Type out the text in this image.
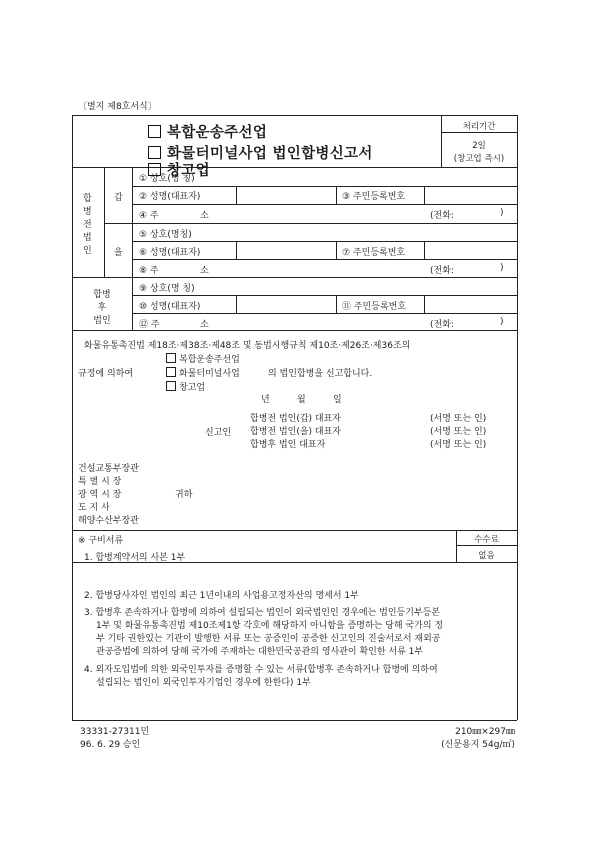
〔별지 제8호서식〕
복합운송주선업
화물터미널사업 법인합병신고서
창고업
처리기간
2일
(창고업 즉시)
합
병
전
법
인
갑
을
① 상호(명 칭)
② 성명(대표자)	③ 주민등록번호
④ 주	소	(전화:	)
⑤ 상호(명칭)
⑥ 성명(대표자)	⑦ 주민등록번호
⑧ 주	소	(전화:	)
합병
후
법인
⑨ 상호(명 칭)
⑩ 성명(대표자)	⑪ 주민등록번호
⑫ 주	소	(전화:	)
화물유통촉진법 제18조·제38조·제48조 및 동법시행규칙 제10조·제26조·제36조의
복합운송주선업
규정에 의하여	화물터미널사업	의 법인합병을 신고합니다.
창고업
년	월	일
신고인
합병전 법인(갑) 대표자	(서명 또는 인)
합병전 법인(을) 대표자	(서명 또는 인)
합병후 법인 대표자	(서명 또는 인)
건설교통부장관
특 별 시 장
광 역 시 장
도 지 사
해양수산부장관
귀하
※ 구비서류	수수료
없음
1. 합병계약서의 사본 1부
2. 합병당사자인 법인의 최근 1년이내의 사업용고정자산의 명세서 1부
3. 합병후 존속하거나 합병에 의하여 설립되는 법인이 외국법인인 경우에는 법인등기부등본
1부 및 화물유통촉진법 제10조제1항 각호에 해당하지 아니함을 증명하는 당해 국가의 정
부 기타 권한있는 기관이 발행한 서류 또는 공증인이 공증한 신고인의 진술서로서 재외공
관공증법에 의하여 당해 국가에 주재하는 대한민국공관의 영사관이 확인한 서류 1부
4. 외자도입법에 의한 외국인투자를 증명할 수 있는 서류(합병후 존속하거나 합병에 의하여
설립되는 법인이 외국인투자기업인 경우에 한한다) 1부
33331-27311민
96. 6. 29 승인
210㎜×297㎜
(신문용지 54g/㎡)
